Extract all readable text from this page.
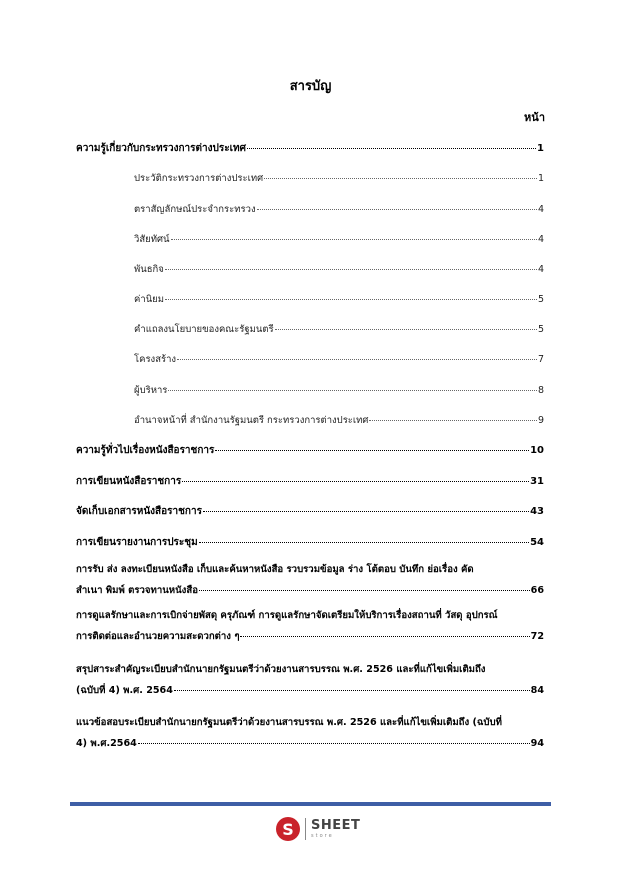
สารบัญ
หน้า
ความรู้เกี่ยวกับกระทรวงการต่างประเทศ	1
ประวัติกระทรวงการต่างประเทศ	1
ตราสัญลักษณ์ประจำกระทรวง	4
วิสัยทัศน์	4
พันธกิจ	4
ค่านิยม	5
คำแถลงนโยบายของคณะรัฐมนตรี	5
โครงสร้าง	7
ผู้บริหาร	8
อำนาจหน้าที่ สำนักงานรัฐมนตรี กระทรวงการต่างประเทศ	9
ความรู้ทั่วไปเรื่องหนังสือราชการ	10
การเขียนหนังสือราชการ	31
จัดเก็บเอกสารหนังสือราชการ	43
การเขียนรายงานการประชุม	54
การรับ ส่ง ลงทะเบียนหนังสือ เก็บและค้นหาหนังสือ รวบรวมข้อมูล ร่าง โต้ตอบ บันทึก ย่อเรื่อง คัด
สำเนา พิมพ์ ตรวจทานหนังสือ	66
การดูแลรักษาและการเบิกจ่ายพัสดุ ครุภัณฑ์ การดูแลรักษาจัดเตรียมให้บริการเรื่องสถานที่ วัสดุ อุปกรณ์
การติดต่อและอำนวยความสะดวกต่าง ๆ	72
สรุปสาระสำคัญระเบียบสำนักนายกรัฐมนตรีว่าด้วยงานสารบรรณ พ.ศ. 2526 และที่แก้ไขเพิ่มเติมถึง
(ฉบับที่ 4) พ.ศ. 2564	84
แนวข้อสอบระเบียบสำนักนายกรัฐมนตรีว่าด้วยงานสารบรรณ พ.ศ. 2526 และที่แก้ไขเพิ่มเติมถึง (ฉบับที่
4) พ.ศ.2564	94
S	SHEET
store
